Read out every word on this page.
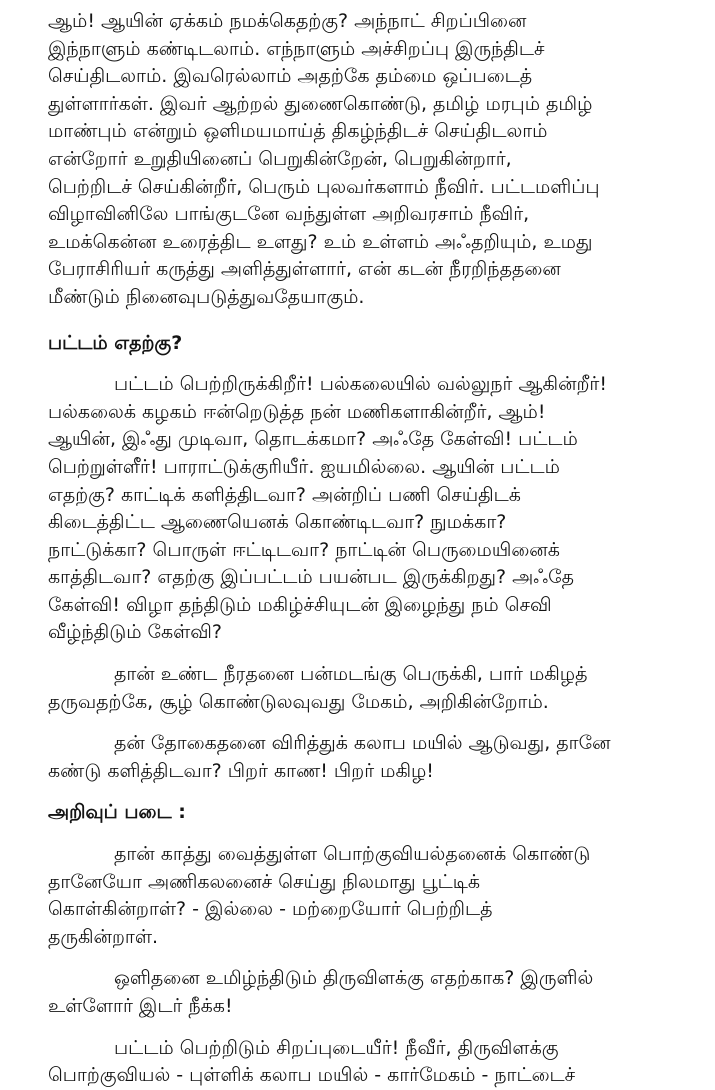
ஆம்! ஆயின் ஏக்கம் நமக்கெதற்கு? அந்நாட் சிறப்பினை
இந்நாளும் கண்டிடலாம். எந்நாளும் அச்சிறப்பு இருந்திடச்
செய்திடலாம். இவரெல்லாம் அதற்கே தம்மை ஒப்படைத்
துள்ளார்கள். இவர் ஆற்றல் துணைகொண்டு, தமிழ் மரபும் தமிழ்
மாண்பும் என்றும் ஒளிமயமாய்த் திகழ்ந்திடச் செய்திடலாம்
என்றோர் உறுதியினைப் பெறுகின்றேன், பெறுகின்றார்,
பெற்றிடச் செய்கின்றீர், பெரும் புலவர்களாம் நீவிர். பட்டமளிப்பு
விழாவினிலே பாங்குடனே வந்துள்ள அறிவரசாம் நீவிர்,
உமக்கென்ன உரைத்திட உளது? உம் உள்ளம் அஃதறியும், உமது
பேராசிரியர் கருத்து அளித்துள்ளார், என் கடன் நீரறிந்ததனை
மீண்டும் நினைவுபடுத்துவதேயாகும்.

பட்டம் எதற்கு?

பட்டம் பெற்றிருக்கிறீர்! பல்கலையில் வல்லுநர் ஆகின்றீர்!
பல்கலைக் கழகம் ஈன்றெடுத்த நன் மணிகளாகின்றீர், ஆம்!
ஆயின், இஃது முடிவா, தொடக்கமா? அஃதே கேள்வி! பட்டம்
பெற்றுள்ளீர்! பாராட்டுக்குரியீர். ஐயமில்லை. ஆயின் பட்டம்
எதற்கு? காட்டிக் களித்திடவா? அன்றிப் பணி செய்திடக்
கிடைத்திட்ட ஆணையெனக் கொண்டிடவா? நுமக்கா?
நாட்டுக்கா? பொருள் ஈட்டிடவா? நாட்டின் பெருமையினைக்
காத்திடவா? எதற்கு இப்பட்டம் பயன்பட இருக்கிறது? அஃதே
கேள்வி! விழா தந்திடும் மகிழ்ச்சியுடன் இழைந்து நம் செவி
வீழ்ந்திடும் கேள்வி?

தான் உண்ட நீரதனை பன்மடங்கு பெருக்கி, பார் மகிழத்
தருவதற்கே, சூழ் கொண்டுலவுவது மேகம், அறிகின்றோம்.

தன் தோகைதனை விரித்துக் கலாப மயில் ஆடுவது, தானே
கண்டு களித்திடவா? பிறர் காண! பிறர் மகிழ!

அறிவுப் படை :

தான் காத்து வைத்துள்ள பொற்குவியல்தனைக் கொண்டு
தானேயோ அணிகலனைச் செய்து நிலமாது பூட்டிக்
கொள்கின்றாள்? - இல்லை - மற்றையோர் பெற்றிடத்
தருகின்றாள்.

ஒளிதனை உமிழ்ந்திடும் திருவிளக்கு எதற்காக? இருளில்
உள்ளோர் இடர் நீக்க!

பட்டம் பெற்றிடும் சிறப்புடையீர்! நீவீர், திருவிளக்கு
பொற்குவியல் - புள்ளிக் கலாப மயில் - கார்மேகம் - நாட்டைச்
